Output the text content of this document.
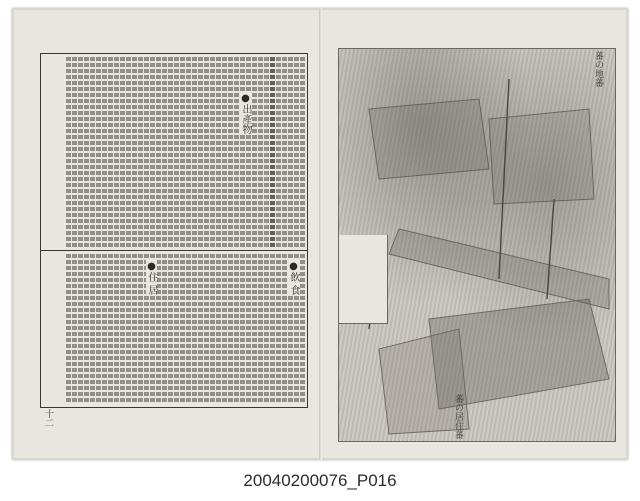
●出產物
●飲 食
●住 居
十二
蕃の地蕃
蕃の居住蕃
20040200076_P016
